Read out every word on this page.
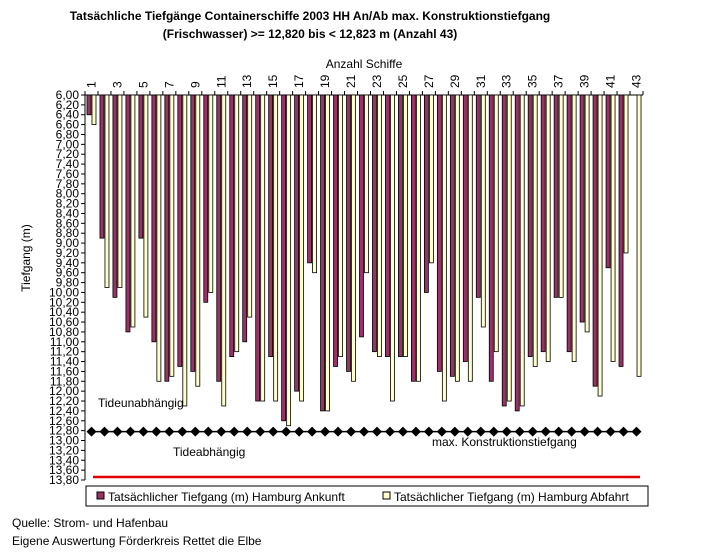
Tatsächliche Tiefgänge Containerschiffe 2003 HH An/Ab max. Konstruktionstiefgang
(Frischwasser) >= 12,820 bis < 12,823 m (Anzahl 43)
Anzahl Schiffe
Tiefgang (m)
6,00
6,20
6,40
6,60
6,80
7,00
7,20
7,40
7,60
7,80
8,00
8,20
8,40
8,60
8,80
9,00
9,20
9,40
9,60
9,80
10,00
10,20
10,40
10,60
10,80
11,00
11,20
11,40
11,60
11,80
12,00
12,20
12,40
12,60
12,80
13,00
13,20
13,40
13,60
13,80
1 3 5 7 9 11 13 15 17 19 21 23 25 27 29 31 33 35 37 39 41 43
Tideunabhängig
Tideabhängig
max. Konstruktionstiefgang
Tatsächlicher Tiefgang (m) Hamburg Ankunft	Tatsächlicher Tiefgang (m) Hamburg Abfahrt
Quelle: Strom- und Hafenbau
Eigene Auswertung Förderkreis Rettet die Elbe
